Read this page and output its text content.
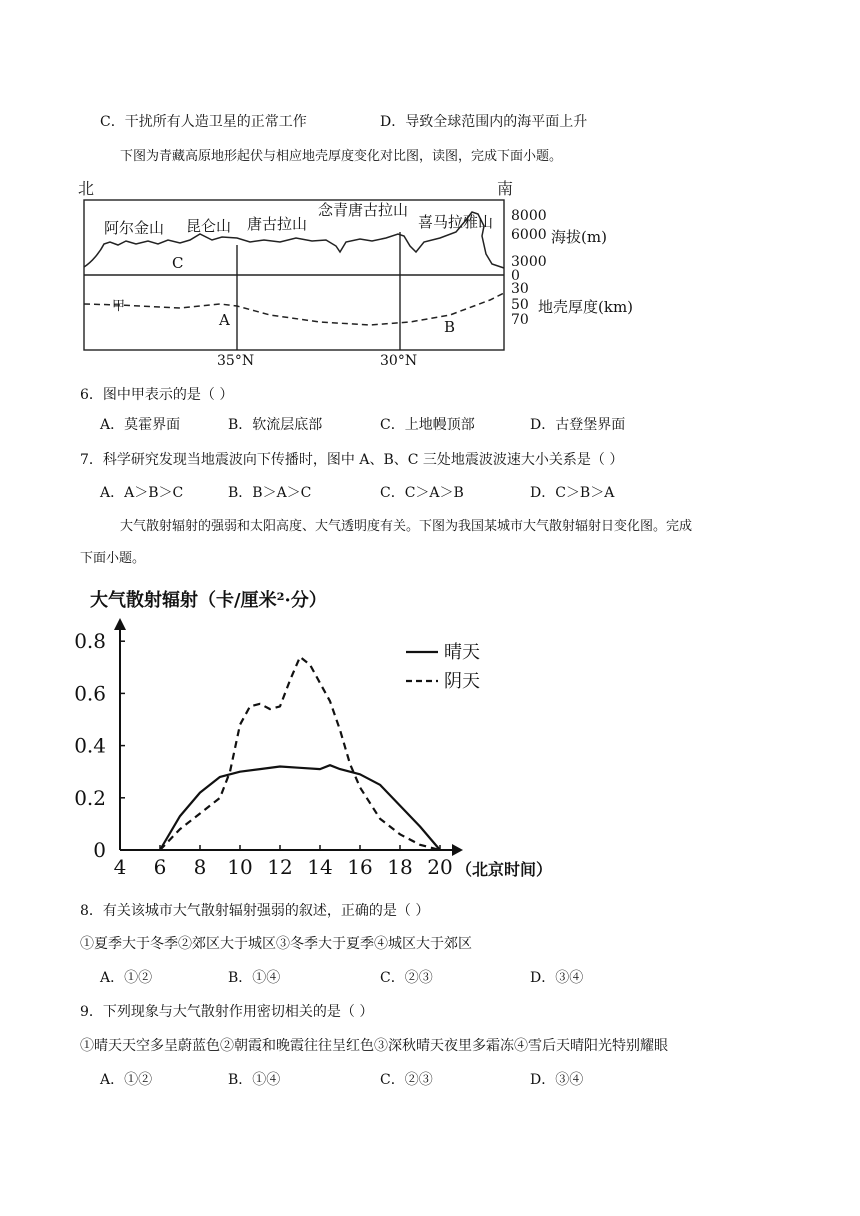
C．干扰所有人造卫星的正常工作	D．导致全球范围内的海平面上升
下图为青藏高原地形起伏与相应地壳厚度变化对比图，读图，完成下面小题。
北	南
阿尔金山 昆仑山 唐古拉山
念青唐古拉山
喜马拉雅山
C
A	B
甲
8000
6000
3000
0
海拔(m)
30
50
70
地壳厚度(km)
35°N	30°N
6．图中甲表示的是（ ）
A．莫霍界面	B．软流层底部	C．上地幔顶部	D．古登堡界面
7．科学研究发现当地震波向下传播时，图中 A、B、C 三处地震波波速大小关系是（ ）
A．A＞B＞C	B．B＞A＞C	C．C＞A＞B	D．C＞B＞A
大气散射辐射的强弱和太阳高度、大气透明度有关。下图为我国某城市大气散射辐射日变化图。完成
下面小题。
大气散射辐射（卡/厘米²·分）
4 6 8 10 12 14 16 18 20
0
0.2
0.4
0.6
0.8
（北京时间）
晴天
阴天
8．有关该城市大气散射辐射强弱的叙述，正确的是（ ）
①夏季大于冬季②郊区大于城区③冬季大于夏季④城区大于郊区
A．①②	B．①④	C．②③	D．③④
9．下列现象与大气散射作用密切相关的是（ ）
①晴天天空多呈蔚蓝色②朝霞和晚霞往往呈红色③深秋晴天夜里多霜冻④雪后天晴阳光特别耀眼
A．①②	B．①④	C．②③	D．③④
